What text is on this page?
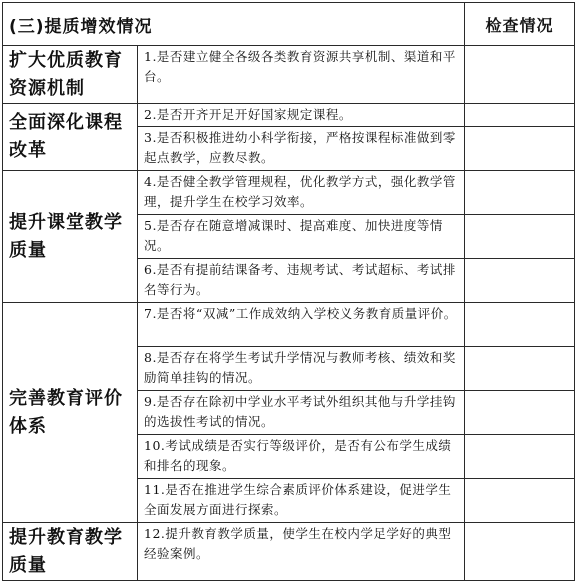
(三)提质增效情况		检查情况
扩大优质教育资源机制	1.是否建立健全各级各类教育资源共享机制、渠道和平台。	
全面深化课程改革	2.是否开齐开足开好国家规定课程。	
	3.是否积极推进幼小科学衔接，严格按课程标准做到零起点教学，应教尽教。	
提升课堂教学质量	4.是否健全教学管理规程，优化教学方式，强化教学管理，提升学生在校学习效率。	
	5.是否存在随意增减课时、提高难度、加快进度等情况。	
	6.是否有提前结课备考、违规考试、考试超标、考试排名等行为。	
完善教育评价体系	7.是否将“双减”工作成效纳入学校义务教育质量评价。	
	8.是否存在将学生考试升学情况与教师考核、绩效和奖励简单挂钩的情况。	
	9.是否存在除初中学业水平考试外组织其他与升学挂钩的选拔性考试的情况。	
	10.考试成绩是否实行等级评价，是否有公布学生成绩和排名的现象。	
	11.是否在推进学生综合素质评价体系建设，促进学生全面发展方面进行探索。	
提升教育教学质量	12.提升教育教学质量，使学生在校内学足学好的典型经验案例。	
